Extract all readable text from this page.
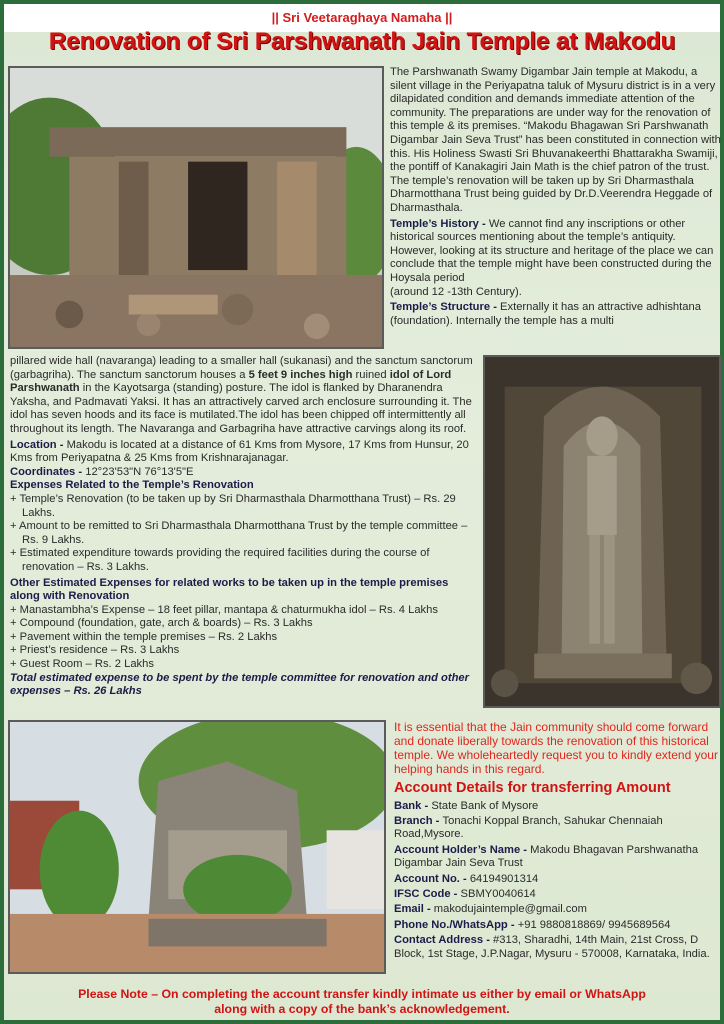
|| Sri Veetaraghaya Namaha ||
Renovation of Sri Parshwanath Jain Temple at Makodu

The Parshwanath Swamy Digambar Jain temple at Makodu, a silent village in the Periyapatna taluk of Mysuru district is in a very dilapidated condition and demands immediate attention of the community. The preparations are under way for the renovation of this temple & its premises. “Makodu Bhagawan Sri Parshwanath Digambar Jain Seva Trust” has been constituted in connection with this. His Holiness Swasti Sri Bhuvanakeerthi Bhattarakha Swamiji, the pontiff of Kanakagiri Jain Math is the chief patron of the trust. The temple’s renovation will be taken up by Sri Dharmasthala Dharmotthana Trust being guided by Dr.D.Veerendra Heggade of Dharmasthala.

Temple’s History - We cannot find any inscriptions or other historical sources mentioning about the temple’s antiquity. However, looking at its structure and heritage of the place we can conclude that the temple might have been constructed during the Hoysala period
(around 12 -13th Century).

Temple’s Structure - Externally it has an attractive adhishtana (foundation). Internally the temple has a multi

pillared wide hall (navaranga) leading to a smaller hall (sukanasi) and the sanctum sanctorum (garbagriha). The sanctum sanctorum houses a 5 feet 9 inches high ruined idol of Lord Parshwanath in the Kayotsarga (standing) posture. The idol is flanked by Dharanendra Yaksha, and Padmavati Yaksi. It has an attractively carved arch enclosure surrounding it. The idol has seven hoods and its face is mutilated.The idol has been chipped off intermittently all throughout its length. The Navaranga and Garbagriha have attractive carvings along its roof.

Location - Makodu is located at a distance of 61 Kms from Mysore, 17 Kms from Hunsur, 20 Kms from Periyapatna & 25 Kms from Krishnarajanagar.

Coordinates - 12°23'53"N 76°13'5"E

Expenses Related to the Temple’s Renovation

+ Temple’s Renovation (to be taken up by Sri Dharmasthala Dharmotthana Trust) – Rs. 29 Lakhs.
+ Amount to be remitted to Sri Dharmasthala Dharmotthana Trust by the temple committee – Rs. 9 Lakhs.
+ Estimated expenditure towards providing the required facilities during the course of renovation – Rs. 3 Lakhs.

Other Estimated Expenses for related works to be taken up in the temple premises along with Renovation

+ Manastambha’s Expense – 18 feet pillar, mantapa & chaturmukha idol – Rs. 4 Lakhs
+ Compound (foundation, gate, arch & boards) – Rs. 3 Lakhs
+ Pavement within the temple premises – Rs. 2 Lakhs
+ Priest’s residence – Rs. 3 Lakhs
+ Guest Room – Rs. 2 Lakhs

Total estimated expense to be spent by the temple committee for renovation and other expenses – Rs. 26 Lakhs

It is essential that the Jain community should come forward and donate liberally towards the renovation of this historical temple. We wholeheartedly request you to kindly extend your helping hands in this regard.

Account Details for transferring Amount

Bank - State Bank of Mysore

Branch - Tonachi Koppal Branch, Sahukar Chennaiah Road,Mysore.

Account Holder’s Name - Makodu Bhagavan Parshwanatha Digambar Jain Seva Trust

Account No. - 64194901314

IFSC Code - SBMY0040614

Email - makodujaintemple@gmail.com

Phone No./WhatsApp - +91 9880818869/ 9945689564

Contact Address - #313, Sharadhi, 14th Main, 21st Cross, D Block, 1st Stage, J.P.Nagar, Mysuru - 570008, Karnataka, India.

Please Note – On completing the account transfer kindly intimate us either by email or WhatsApp
along with a copy of the bank’s acknowledgement.
